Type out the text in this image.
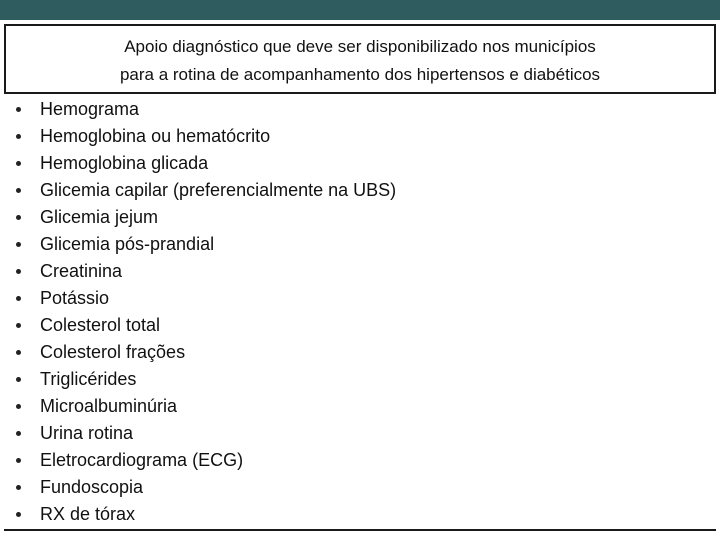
Apoio diagnóstico que deve ser disponibilizado nos municípios
para a rotina de acompanhamento dos hipertensos e diabéticos
Hemograma
Hemoglobina ou hematócrito
Hemoglobina glicada
Glicemia capilar (preferencialmente na UBS)
Glicemia jejum
Glicemia pós-prandial
Creatinina
Potássio
Colesterol total
Colesterol frações
Triglicérides
Microalbuminúria
Urina rotina
Eletrocardiograma (ECG)
Fundoscopia
RX de tórax
